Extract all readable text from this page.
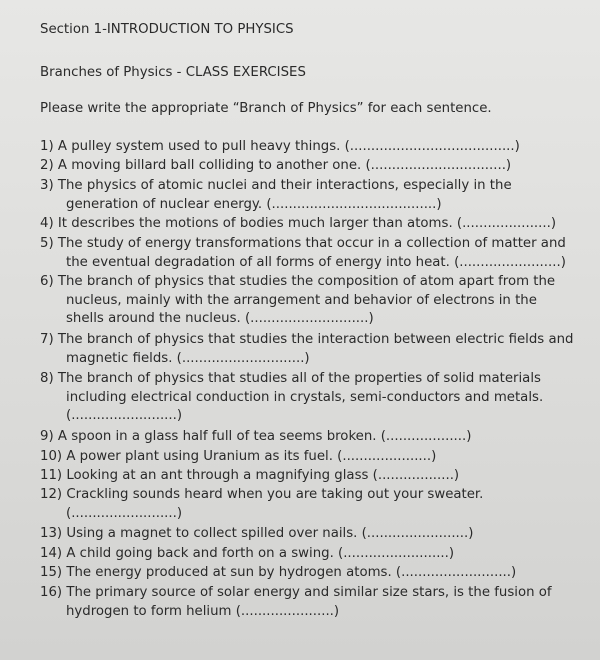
Section 1-INTRODUCTION TO PHYSICS
Branches of Physics - CLASS EXERCISES
Please write the appropriate “Branch of Physics” for each sentence.
1) A pulley system used to pull heavy things. (.......................................)
2) A moving billard ball colliding to another one. (................................)
3) The physics of atomic nuclei and their interactions, especially in the
generation of nuclear energy. (.......................................)
4) It describes the motions of bodies much larger than atoms. (.....................)
5) The study of energy transformations that occur in a collection of matter and
the eventual degradation of all forms of energy into heat. (........................)
6) The branch of physics that studies the composition of atom apart from the
nucleus, mainly with the arrangement and behavior of electrons in the
shells around the nucleus. (............................)
7) The branch of physics that studies the interaction between electric fields and
magnetic fields. (.............................)
8) The branch of physics that studies all of the properties of solid materials
including electrical conduction in crystals, semi-conductors and metals.
(.........................)
9) A spoon in a glass half full of tea seems broken. (...................)
10) A power plant using Uranium as its fuel. (.....................)
11) Looking at an ant through a magnifying glass (..................)
12) Crackling sounds heard when you are taking out your sweater.
(.........................)
13) Using a magnet to collect spilled over nails. (........................)
14) A child going back and forth on a swing. (.........................)
15) The energy produced at sun by hydrogen atoms. (..........................)
16) The primary source of solar energy and similar size stars, is the fusion of
hydrogen to form helium (......................)
